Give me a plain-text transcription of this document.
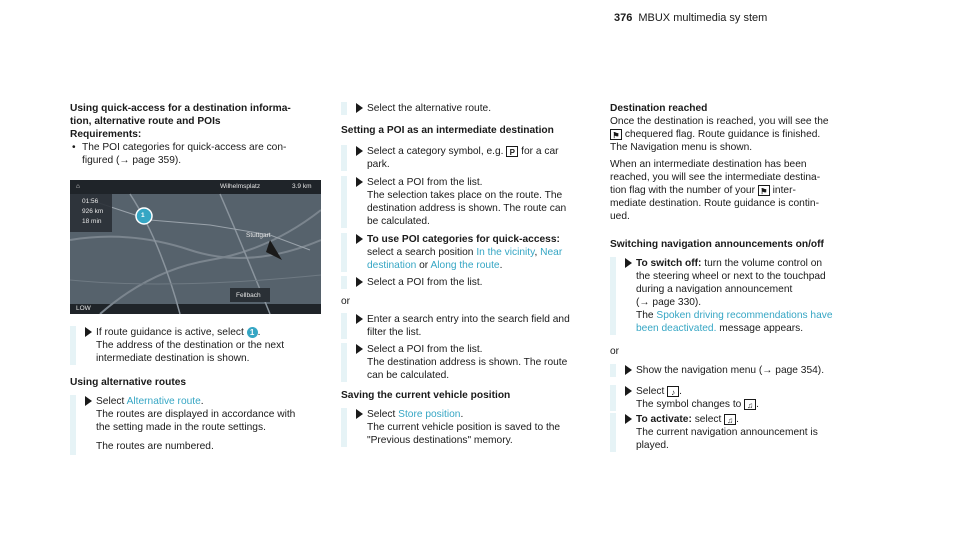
376 MBUX multimedia sy stem
Using quick-access for a destination informa‐
tion, alternative route and POIs
Requirements:
• The POI categories for quick-access are con‐
figured (→ page 359).
⌂	Wilhelmsplatz	3.9 km
01:56
926 km
18 min
1
Stuttgart
Fellbach
LOW
If route guidance is active, select 1 .
The address of the destination or the next
intermediate destination is shown.
Using alternative routes
Select Alternative route.
The routes are displayed in accordance with
the setting made in the route settings.
The routes are numbered.
Select the alternative route.
Setting a POI as an intermediate destination
Select a category symbol, e.g. P for a car
park.
Select a POI from the list.
The selection takes place on the route. The
destination address is shown. The route can
be calculated.
To use POI categories for quick-access:
select a search position In the vicinity, Near
destination or Along the route.
Select a POI from the list.
or
Enter a search entry into the search field and
filter the list.
Select a POI from the list.
The destination address is shown. The route
can be calculated.
Saving the current vehicle position
Select Store position.
The current vehicle position is saved to the
"Previous destinations" memory.
Destination reached
Once the destination is reached, you will see the
⚑ chequered flag. Route guidance is finished.
The Navigation menu is shown.
When an intermediate destination has been
reached, you will see the intermediate destina‐
tion flag with the number of your ⚑ inter‐
mediate destination. Route guidance is contin‐
ued.
Switching navigation announcements on/off
To switch off: turn the volume control on
the steering wheel or next to the touchpad
during a navigation announcement
(→ page 330).
The Spoken driving recommendations have
been deactivated. message appears.
or
Show the navigation menu (→ page 354).
Select ♪ .
The symbol changes to ♫ .
To activate: select ♫ .
The current navigation announcement is
played.
